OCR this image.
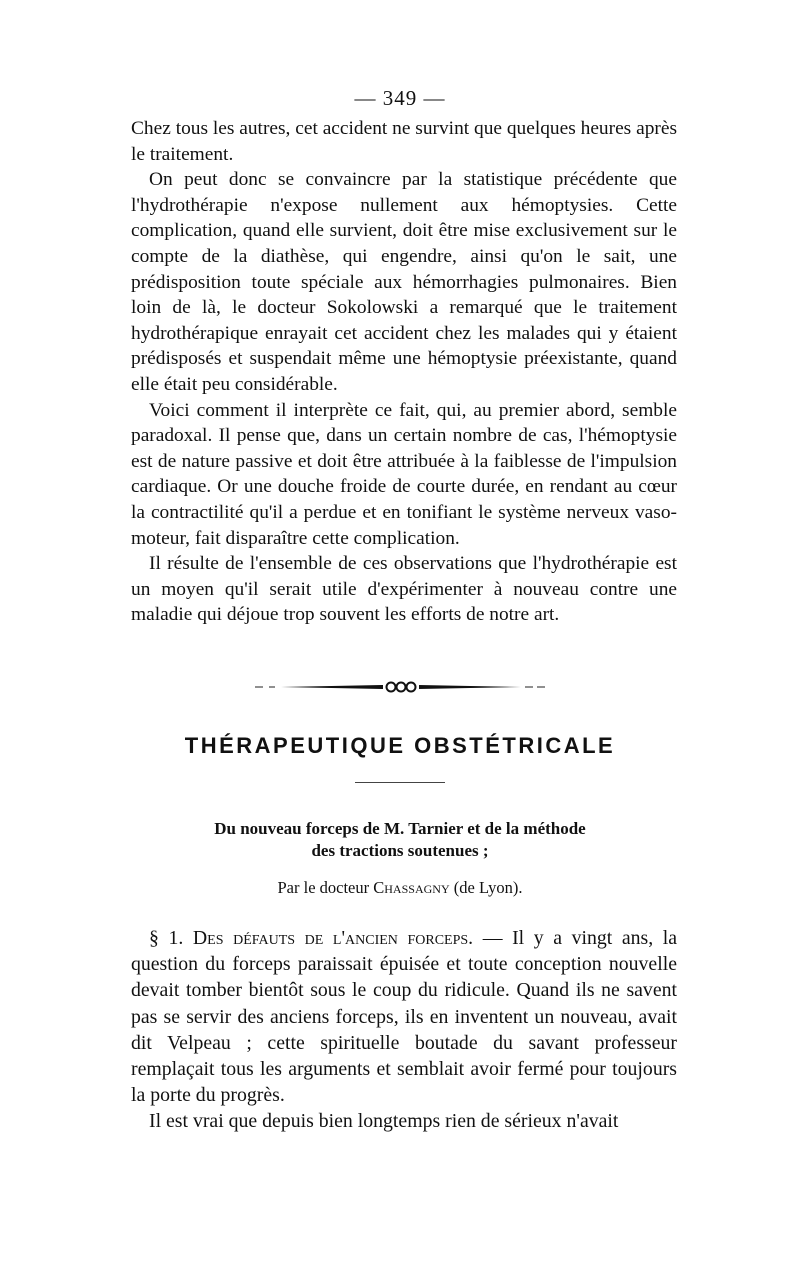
— 349 —

Chez tous les autres, cet accident ne survint que quelques heures après le traitement.

On peut donc se convaincre par la statistique précédente que l'hydrothérapie n'expose nullement aux hémoptysies. Cette complication, quand elle survient, doit être mise exclusivement sur le compte de la diathèse, qui engendre, ainsi qu'on le sait, une prédisposition toute spéciale aux hémorrhagies pulmonaires. Bien loin de là, le docteur Sokolowski a remarqué que le traitement hydrothérapique enrayait cet accident chez les malades qui y étaient prédisposés et suspendait même une hémoptysie préexistante, quand elle était peu considérable.

Voici comment il interprète ce fait, qui, au premier abord, semble paradoxal. Il pense que, dans un certain nombre de cas, l'hémoptysie est de nature passive et doit être attribuée à la faiblesse de l'impulsion cardiaque. Or une douche froide de courte durée, en rendant au cœur la contractilité qu'il a perdue et en tonifiant le système nerveux vaso-moteur, fait disparaître cette complication.

Il résulte de l'ensemble de ces observations que l'hydrothérapie est un moyen qu'il serait utile d'expérimenter à nouveau contre une maladie qui déjoue trop souvent les efforts de notre art.

THÉRAPEUTIQUE OBSTÉTRICALE
Du nouveau forceps de M. Tarnier et de la méthode
des tractions soutenues ;
Par le docteur Chassagny (de Lyon).

§ 1. Des défauts de l'ancien forceps. — Il y a vingt ans, la question du forceps paraissait épuisée et toute conception nouvelle devait tomber bientôt sous le coup du ridicule. Quand ils ne savent pas se servir des anciens forceps, ils en inventent un nouveau, avait dit Velpeau ; cette spirituelle boutade du savant professeur remplaçait tous les arguments et semblait avoir fermé pour toujours la porte du progrès.

Il est vrai que depuis bien longtemps rien de sérieux n'avait
